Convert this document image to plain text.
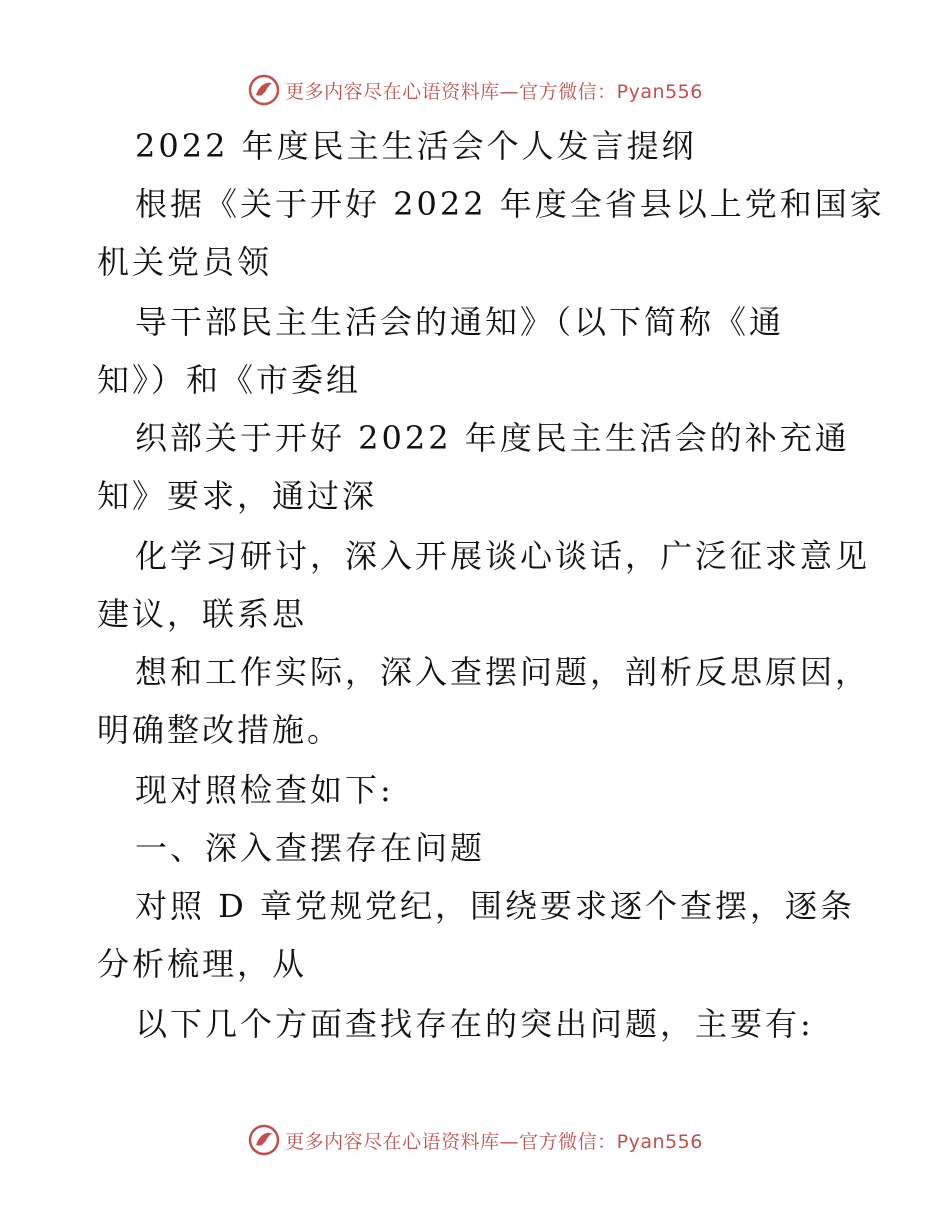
更多内容尽在心语资料库—官方微信：Pyan556
2022 年度民主生活会个人发言提纲
根据《关于开好 2022 年度全省县以上党和国家
机关党员领
导干部民主生活会的通知》（以下简称《通
知》）和《市委组
织部关于开好 2022 年度民主生活会的补充通
知》要求，通过深
化学习研讨，深入开展谈心谈话，广泛征求意见
建议，联系思
想和工作实际，深入查摆问题，剖析反思原因，
明确整改措施。
现对照检查如下:
一、深入查摆存在问题
对照 D 章党规党纪，围绕要求逐个查摆，逐条
分析梳理，从
以下几个方面查找存在的突出问题，主要有:
更多内容尽在心语资料库—官方微信：Pyan556
